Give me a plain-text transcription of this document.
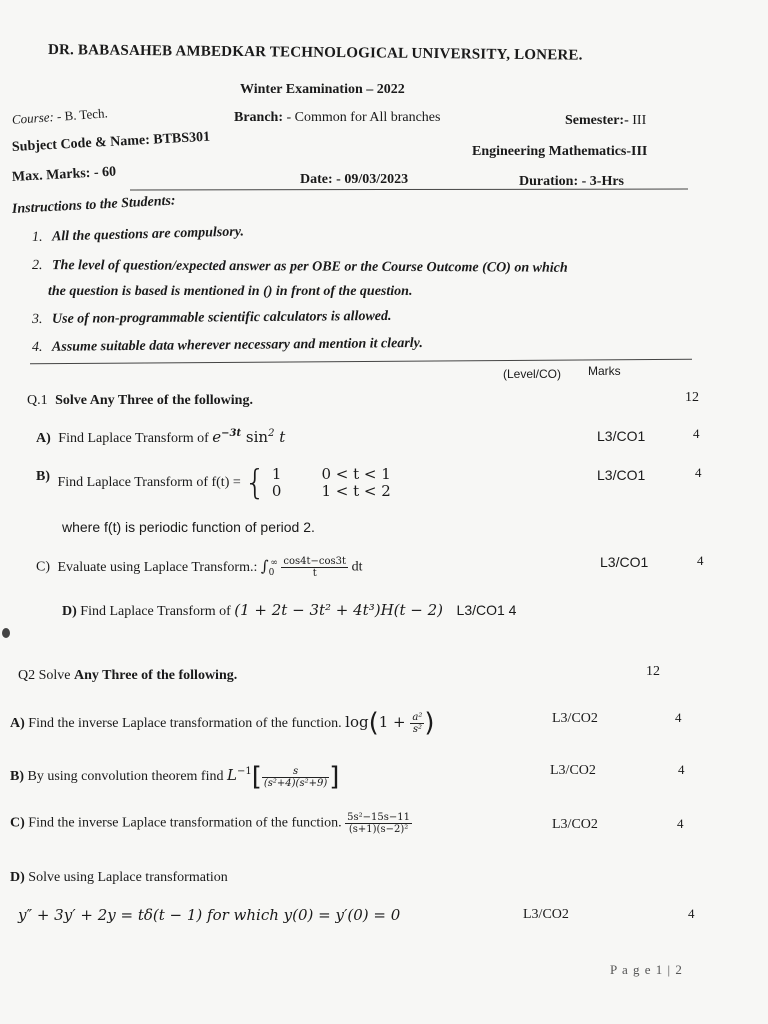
DR. BABASAHEB AMBEDKAR TECHNOLOGICAL UNIVERSITY, LONERE.
Winter Examination – 2022
Course: - B. Tech.	Branch: - Common for All branches	Semester:- III
Subject Code & Name: BTBS301
Engineering Mathematics-III
Max. Marks: - 60	Date: - 09/03/2023	Duration: - 3-Hrs
Instructions to the Students:
1. All the questions are compulsory.
2. The level of question/expected answer as per OBE or the Course Outcome (CO) on which
the question is based is mentioned in () in front of the question.
3. Use of non-programmable scientific calculators is allowed.
4. Assume suitable data wherever necessary and mention it clearly.
(Level/CO) Marks
Q.1 Solve Any Three of the following.	12
A) Find Laplace Transform of $e^{-3t}$ $\sin^2 t$	L3/CO1	4
B) Find Laplace Transform of f(t) = { 1	0 < t < 1
0	1 < t < 2
L3/CO1	4
where f(t) is periodic function of period 2.
C) Evaluate using Laplace Transform.: $\int_0^\infty \frac{\cos 4t-\cos 3t}{t}$ dt	L3/CO1	4
D) Find Laplace Transform of (1 + 2t − 3t² + 4t³)H(t − 2) L3/CO1 4
Q2 Solve Any Three of the following.	12
A) Find the inverse Laplace transformation of the function. $\log(1 + \frac{\text{a²}}{\text{s²}}$ )	L3/CO2	4
B) By using convolution theorem find $L^{-1}[ \frac{s}{\text{(s²+4)(s²+9)}}$ ]	L3/CO2	4
C) Find the inverse Laplace transformation of the function. $\frac{\text{5s²−15s−11}}{\text{(s+1)(s−2)²}}$	L3/CO2	4
D) Solve using Laplace transformation
y″ + 3y′ + 2y = tδ(t − 1) for which y(0) = y′(0) = 0	L3/CO2	4
P a g e 1 | 2
